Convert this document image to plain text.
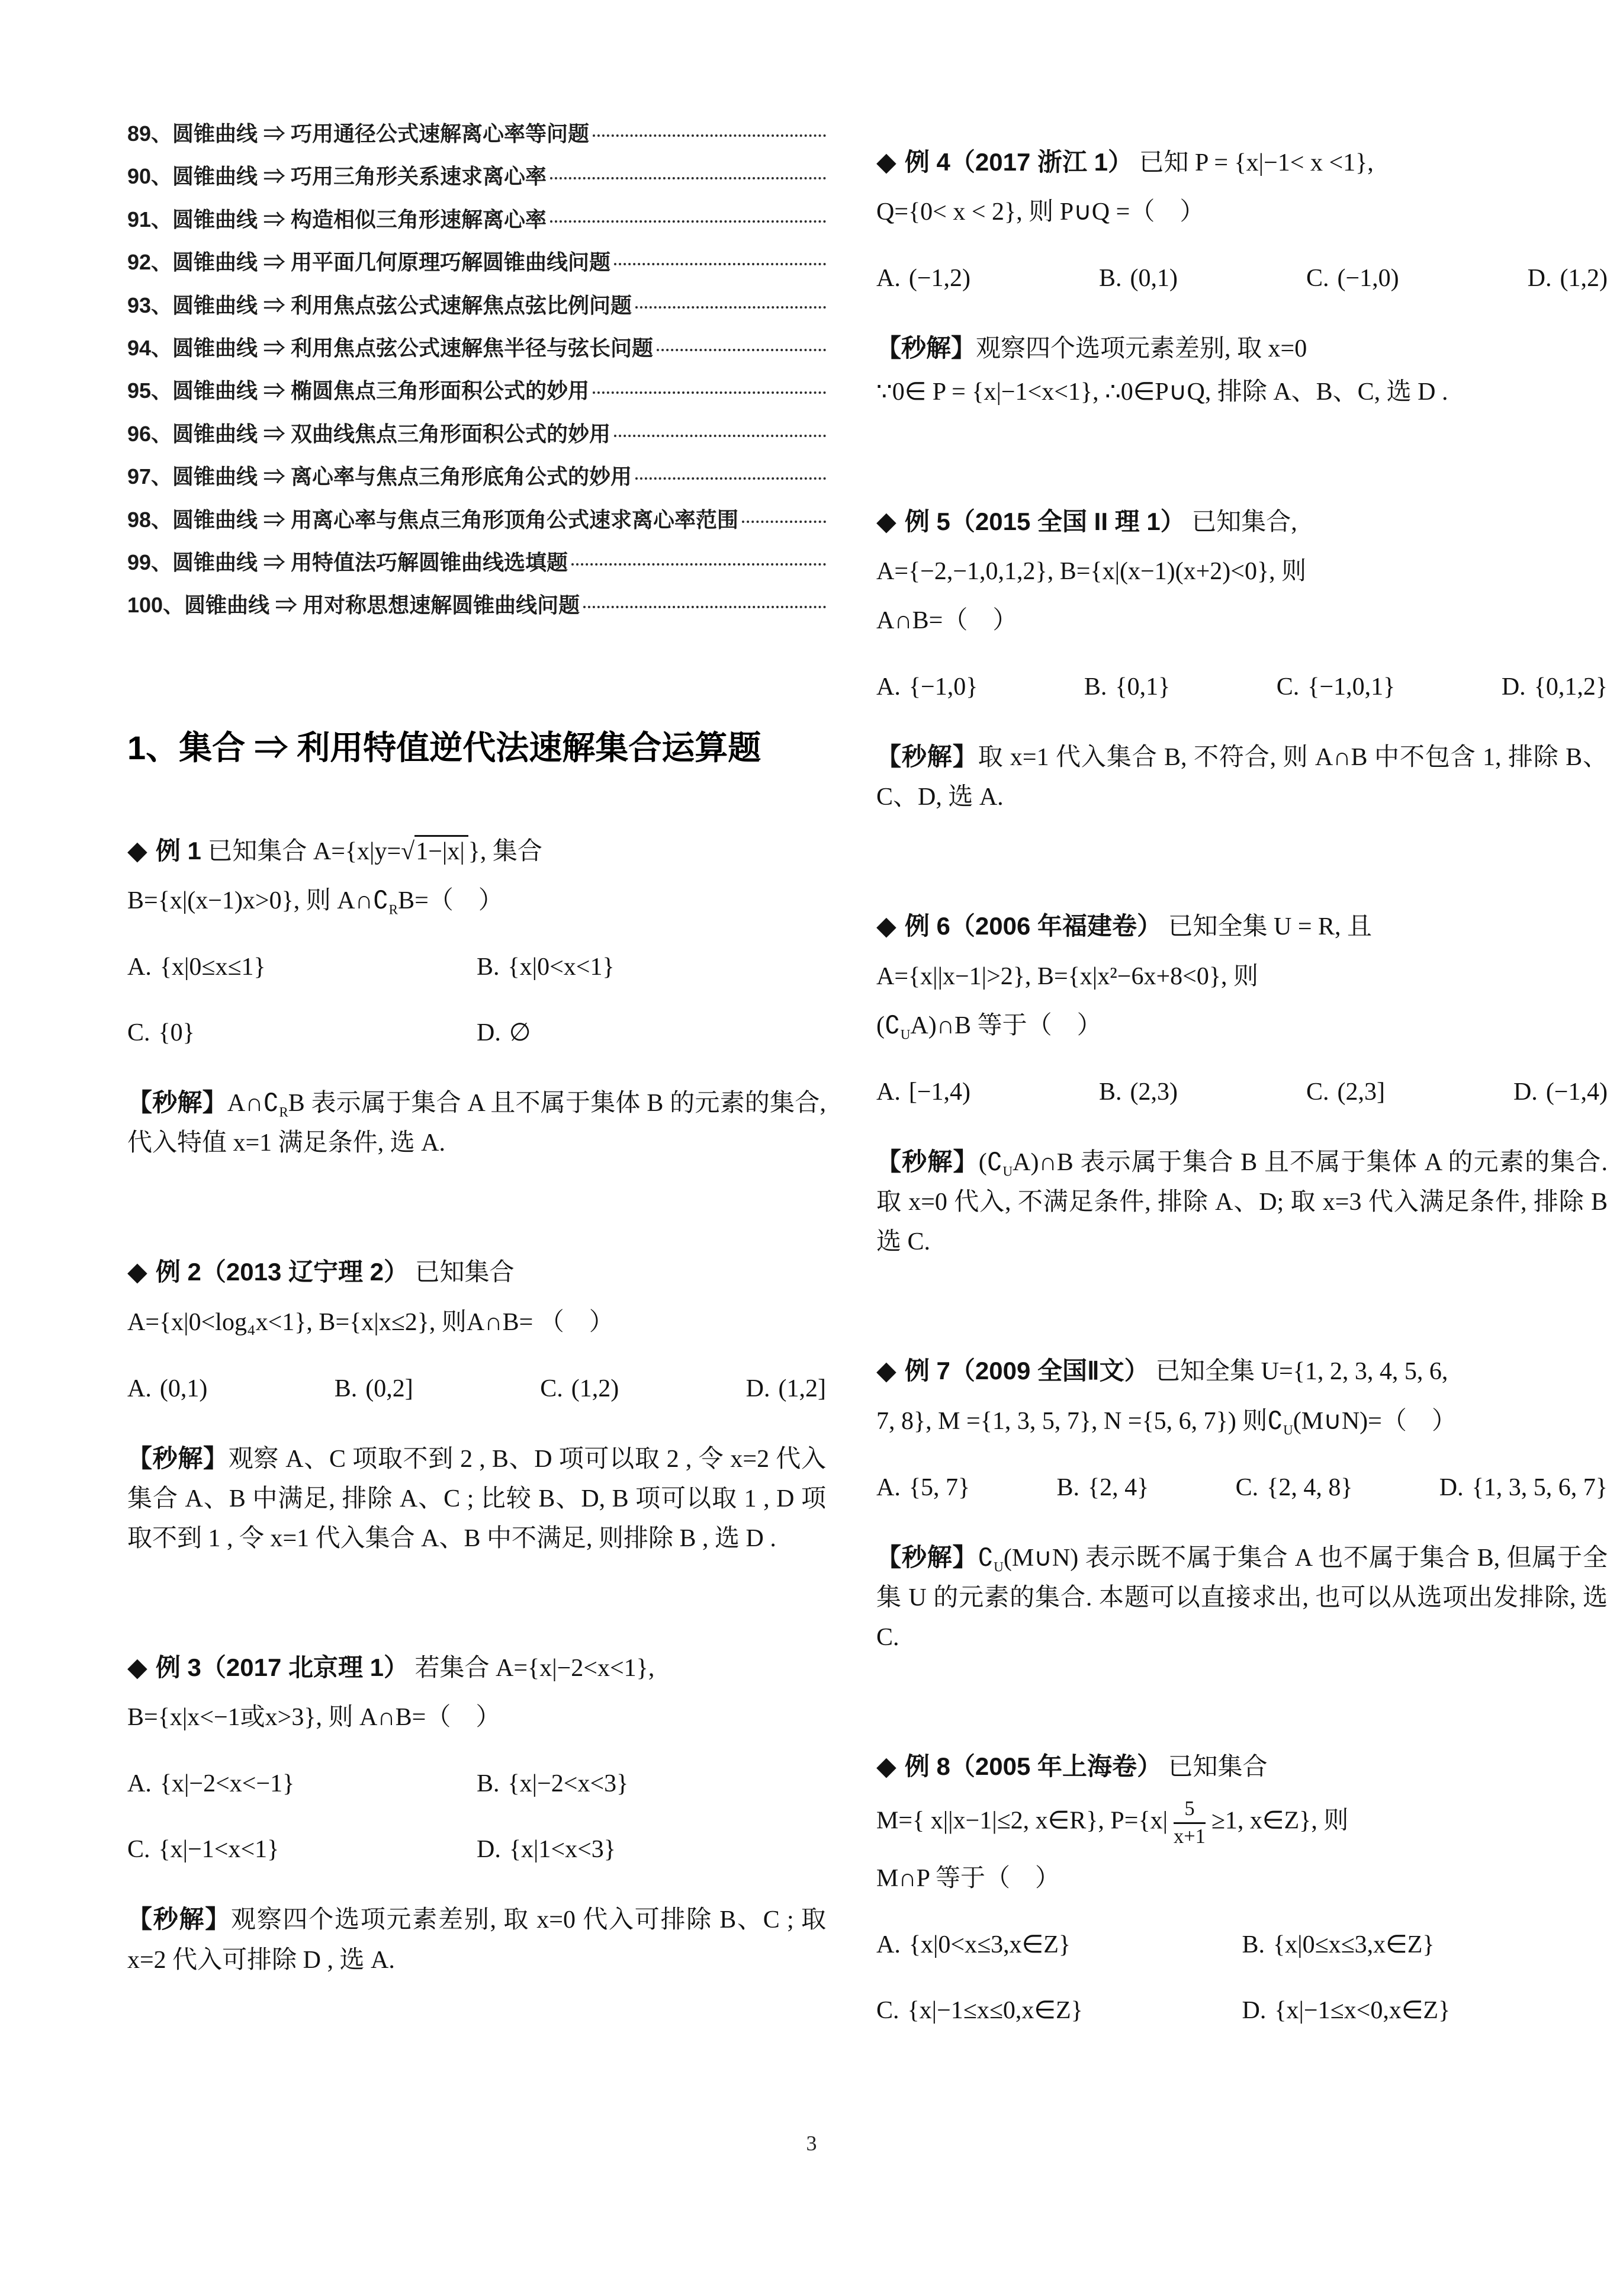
89、圆锥曲线 ⇒ 巧用通径公式速解离心率等问题
90、圆锥曲线 ⇒ 巧用三角形关系速求离心率
91、圆锥曲线 ⇒ 构造相似三角形速解离心率
92、圆锥曲线 ⇒ 用平面几何原理巧解圆锥曲线问题
93、圆锥曲线 ⇒ 利用焦点弦公式速解焦点弦比例问题
94、圆锥曲线 ⇒ 利用焦点弦公式速解焦半径与弦长问题
95、圆锥曲线 ⇒ 椭圆焦点三角形面积公式的妙用
96、圆锥曲线 ⇒ 双曲线焦点三角形面积公式的妙用
97、圆锥曲线 ⇒ 离心率与焦点三角形底角公式的妙用
98、圆锥曲线 ⇒ 用离心率与焦点三角形顶角公式速求离心率范围
99、圆锥曲线 ⇒ 用特值法巧解圆锥曲线选填题
100、圆锥曲线 ⇒ 用对称思想速解圆锥曲线问题
1、集合 ⇒ 利用特值逆代法速解集合运算题

◆ 例 1 已知集合 A={x|y=√1−|x| }, 集合

B={x|(x−1)x>0}, 则 $A\cap∁_RB=$（　）

A. {x|0≤x≤1}	B. {x|0<x<1}
C. {0}	D. ∅

【秒解】$A\cap∁_RB$ 表示属于集合 A 且不属于集体 B 的元素的集合, 代入特值 x=1 满足条件, 选 A.

◆ 例 2（2013 辽宁理 2） 已知集合

A={x|0<log₄x<1}, B={x|x≤2}, 则A∩B= （　）

A. (0,1)	B. (0,2]	C. (1,2)	D. (1,2]

【秒解】观察 A、C 项取不到 2 , B、D 项可以取 2 , 令 x=2 代入集合 A、B 中满足, 排除 A、C ; 比较 B、D, B 项可以取 1 , D 项取不到 1 , 令 x=1 代入集合 A、B 中不满足, 则排除 B , 选 D .

◆ 例 3（2017 北京理 1） 若集合 A={x|−2<x<1},

B={x|x<−1或x>3}, 则 A∩B=（　）

A. {x|−2<x<−1}	B. {x|−2<x<3}
C. {x|−1<x<1}	D. {x|1<x<3}

【秒解】观察四个选项元素差别, 取 x=0 代入可排除 B、C ; 取 x=2 代入可排除 D , 选 A.

◆ 例 4（2017 浙江 1） 已知 P = {x|−1< x <1},

Q={0< x < 2}, 则 P∪Q =（　）

A. (−1,2)	B. (0,1)	C. (−1,0)	D. (1,2)

【秒解】观察四个选项元素差别, 取 x=0

∵0∈ P = {x|−1<x<1}, ∴0∈P∪Q, 排除 A、B、C, 选 D .

◆ 例 5（2015 全国 II 理 1） 已知集合,

A={−2,−1,0,1,2}, B={x|(x−1)(x+2)<0}, 则

A∩B=（　）

A. {−1,0}	B. {0,1}	C. {−1,0,1}	D. {0,1,2}

【秒解】取 x=1 代入集合 B, 不符合, 则 A∩B 中不包含 1, 排除 B、C、D, 选 A.

◆ 例 6（2006 年福建卷） 已知全集 U = R, 且

A={x||x−1|>2}, B={x|x²−6x+8<0}, 则

$(∁_UA)\cap B$ 等于（　）

A. [−1,4)	B. (2,3)	C. (2,3]	D. (−1,4)

【秒解】$(∁_UA)\cap B$ 表示属于集合 B 且不属于集体 A 的元素的集合. 取 x=0 代入, 不满足条件, 排除 A、D; 取 x=3 代入满足条件, 排除 B 选 C.

◆ 例 7（2009 全国Ⅱ文） 已知全集 U={1, 2, 3, 4, 5, 6,

7, 8}, M ={1, 3, 5, 7}, N ={5, 6, 7}) 则$∁_U(M\cup N)=$（　）

A. {5, 7}	B. {2, 4}	C. {2, 4, 8}	D. {1, 3, 5, 6, 7}

【秒解】$∁_U(M\cup N)$ 表示既不属于集合 A 也不属于集合 B, 但属于全集 U 的元素的集合. 本题可以直接求出, 也可以从选项出发排除, 选 C.

◆ 例 8（2005 年上海卷） 已知集合

M={ x||x−1|≤2, x∈R}, $P=\{x| \frac{5}{x+1} \ge 1$, x∈Z}, 则

M∩P 等于（　）

A. {x|0<x≤3,x∈Z}	B. {x|0≤x≤3,x∈Z}
C. {x|−1≤x≤0,x∈Z}	D. {x|−1≤x<0,x∈Z}
3
